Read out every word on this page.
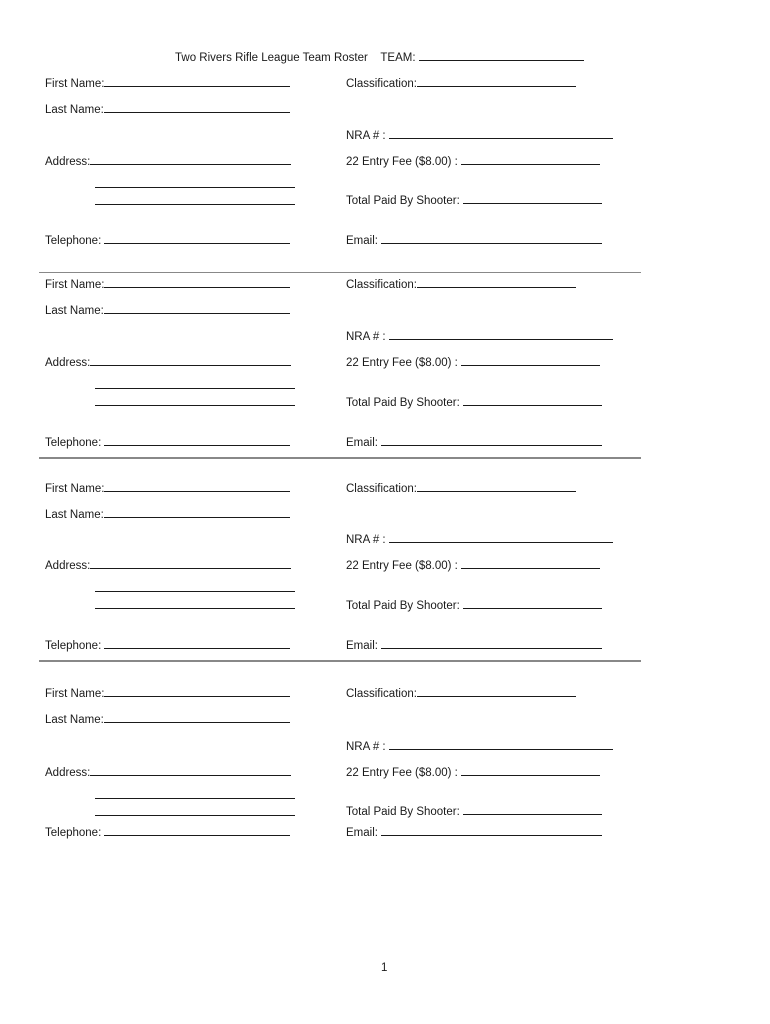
Two Rivers Rifle League Team Roster TEAM:
First Name:
Last Name:
Address:
Telephone:
Classification:
NRA # :
22 Entry Fee ($8.00) :
Total Paid By Shooter:
Email:
First Name:
Last Name:
Address:
Telephone:
Classification:
NRA # :
22 Entry Fee ($8.00) :
Total Paid By Shooter:
Email:
First Name:
Last Name:
Address:
Telephone:
Classification:
NRA # :
22 Entry Fee ($8.00) :
Total Paid By Shooter:
Email:
First Name:
Last Name:
Address:
Telephone:
Classification:
NRA # :
22 Entry Fee ($8.00) :
Total Paid By Shooter:
Email:
1
